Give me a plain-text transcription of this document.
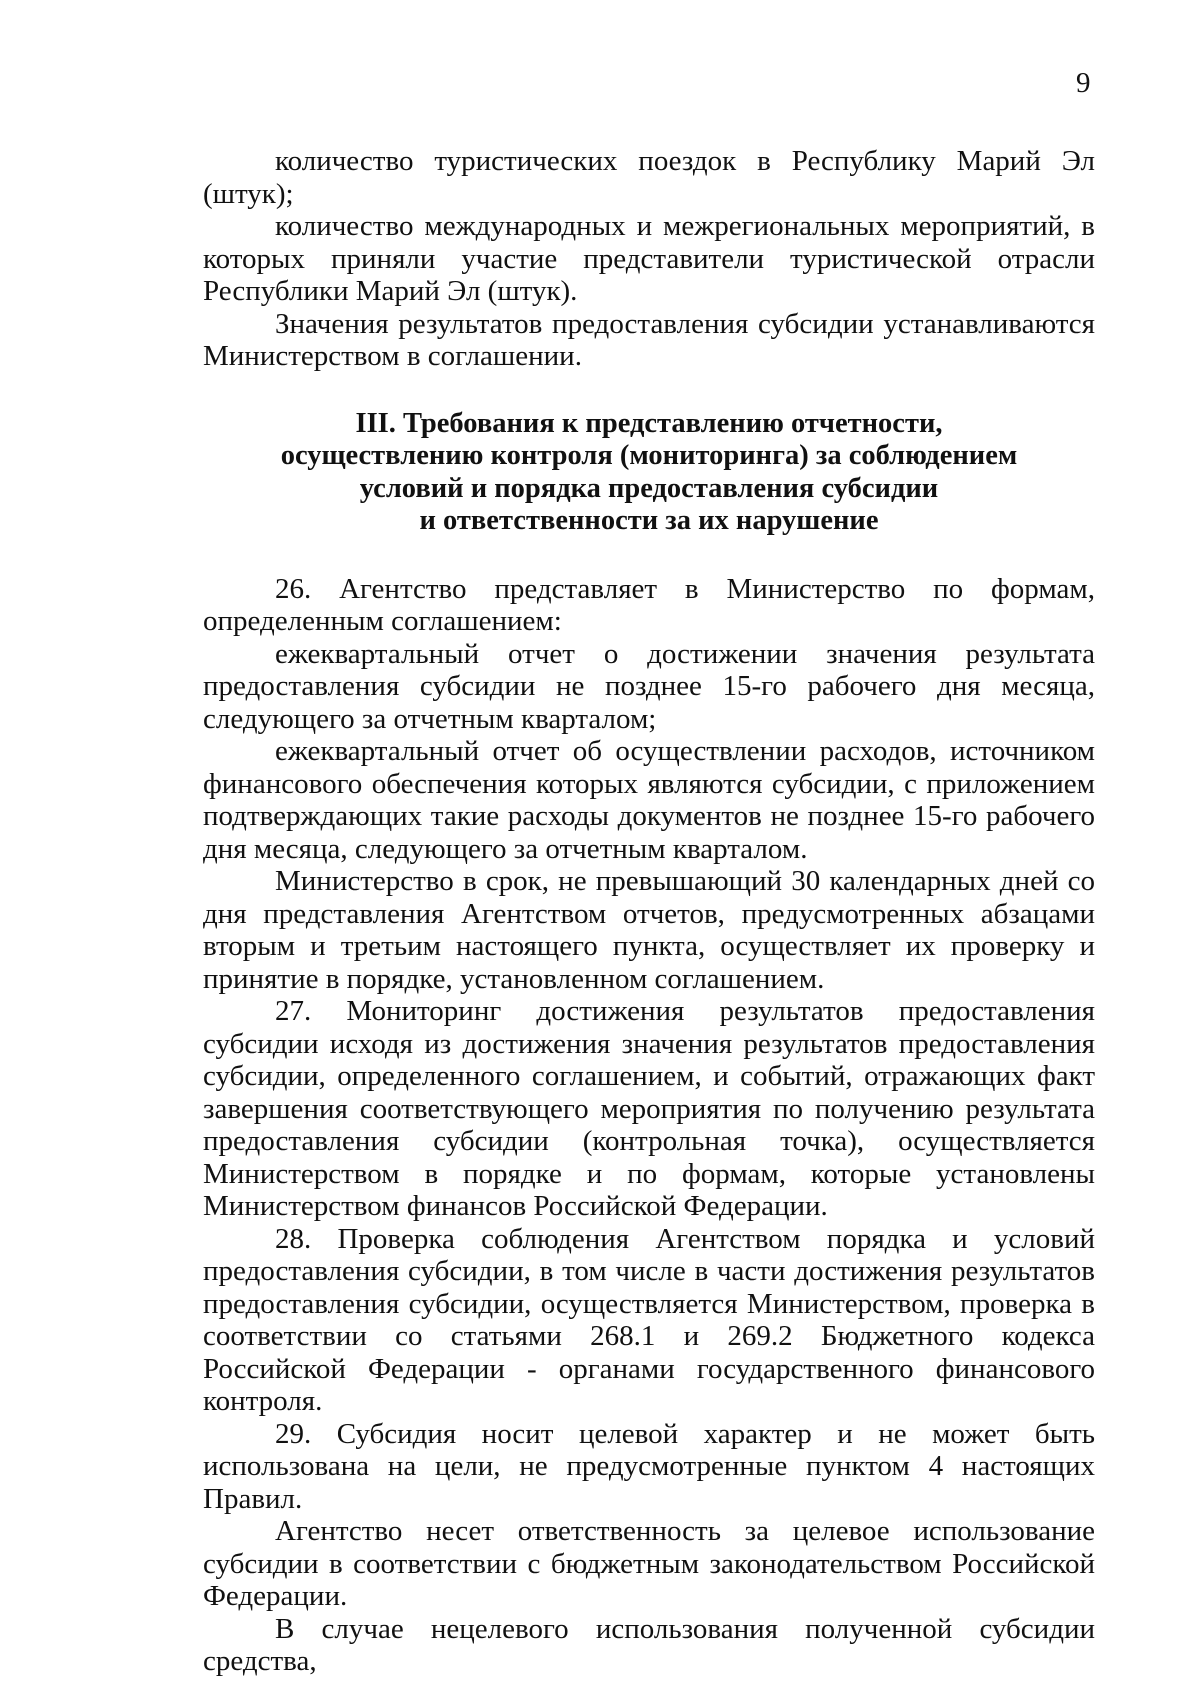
9

количество туристических поездок в Республику Марий Эл (штук);

количество международных и межрегиональных мероприятий, в которых приняли участие представители туристической отрасли Республики Марий Эл (штук).

Значения результатов предоставления субсидии устанавливаются Министерством в соглашении.

III. Требования к представлению отчетности,
осуществлению контроля (мониторинга) за соблюдением
условий и порядка предоставления субсидии
и ответственности за их нарушение

26. Агентство представляет в Министерство по формам, определенным соглашением:

ежеквартальный отчет о достижении значения результата предоставления субсидии не позднее 15-го рабочего дня месяца, следующего за отчетным кварталом;

ежеквартальный отчет об осуществлении расходов, источником финансового обеспечения которых являются субсидии, с приложением подтверждающих такие расходы документов не позднее 15-го рабочего дня месяца, следующего за отчетным кварталом.

Министерство в срок, не превышающий 30 календарных дней со дня представления Агентством отчетов, предусмотренных абзацами вторым и третьим настоящего пункта, осуществляет их проверку и принятие в порядке, установленном соглашением.

27. Мониторинг достижения результатов предоставления субсидии исходя из достижения значения результатов предоставления субсидии, определенного соглашением, и событий, отражающих факт завершения соответствующего мероприятия по получению результата предоставления субсидии (контрольная точка), осуществляется Министерством в порядке и по формам, которые установлены Министерством финансов Российской Федерации.

28. Проверка соблюдения Агентством порядка и условий предоставления субсидии, в том числе в части достижения результатов предоставления субсидии, осуществляется Министерством, проверка в соответствии со статьями 268.1 и 269.2 Бюджетного кодекса Российской Федерации - органами государственного финансового контроля.

29. Субсидия носит целевой характер и не может быть использована на цели, не предусмотренные пунктом 4 настоящих Правил.

Агентство несет ответственность за целевое использование субсидии в соответствии с бюджетным законодательством Российской Федерации.

В случае нецелевого использования полученной субсидии средства,
